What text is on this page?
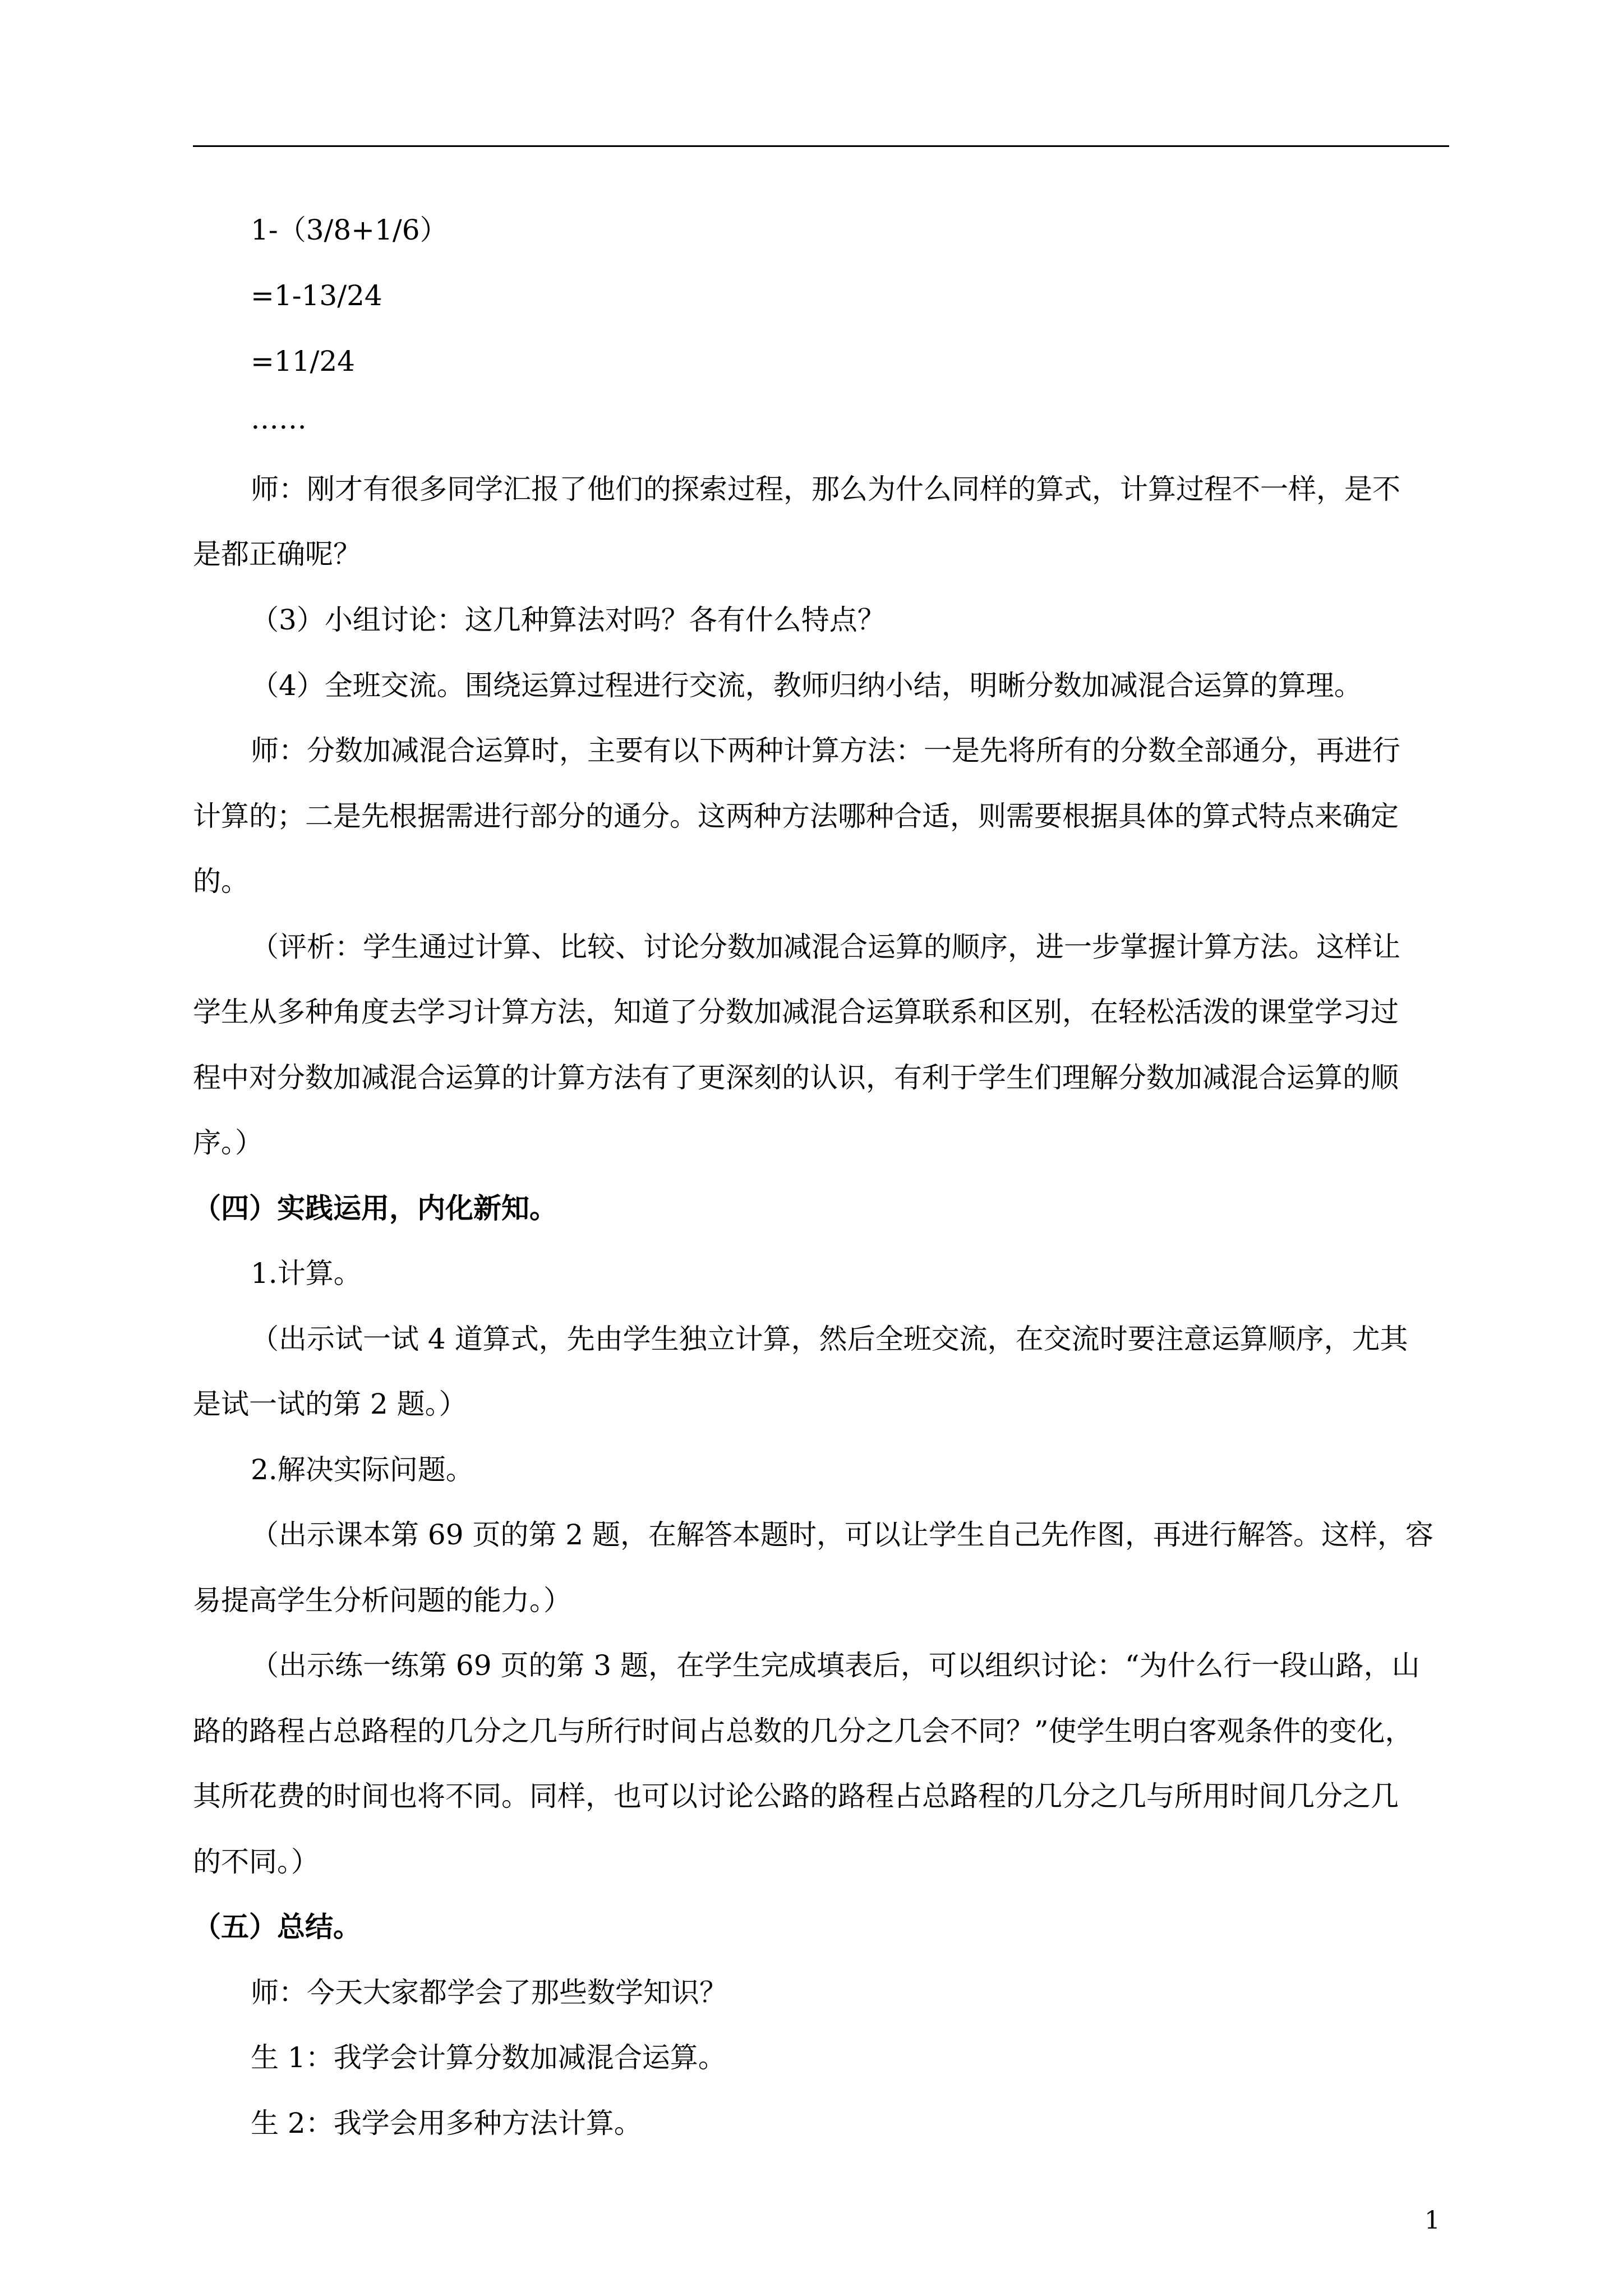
1-（3/8+1/6）

=1-13/24

=11/24

……

师：刚才有很多同学汇报了他们的探索过程，那么为什么同样的算式，计算过程不一样，是不

是都正确呢？

（3）小组讨论：这几种算法对吗？各有什么特点？

（4）全班交流。围绕运算过程进行交流，教师归纳小结，明晰分数加减混合运算的算理。

师：分数加减混合运算时，主要有以下两种计算方法：一是先将所有的分数全部通分，再进行

计算的；二是先根据需进行部分的通分。这两种方法哪种合适，则需要根据具体的算式特点来确定

的。

（评析：学生通过计算、比较、讨论分数加减混合运算的顺序，进一步掌握计算方法。这样让

学生从多种角度去学习计算方法，知道了分数加减混合运算联系和区别，在轻松活泼的课堂学习过

程中对分数加减混合运算的计算方法有了更深刻的认识，有利于学生们理解分数加减混合运算的顺

序。）

（四）实践运用，内化新知。

1.计算。

（出示试一试 4 道算式，先由学生独立计算，然后全班交流，在交流时要注意运算顺序，尤其

是试一试的第 2 题。）

2.解决实际问题。

（出示课本第 69 页的第 2 题，在解答本题时，可以让学生自己先作图，再进行解答。这样，容

易提高学生分析问题的能力。）

（出示练一练第 69 页的第 3 题，在学生完成填表后，可以组织讨论：“为什么行一段山路，山

路的路程占总路程的几分之几与所行时间占总数的几分之几会不同？”使学生明白客观条件的变化，

其所花费的时间也将不同。同样，也可以讨论公路的路程占总路程的几分之几与所用时间几分之几

的不同。）

（五）总结。

师：今天大家都学会了那些数学知识？

生 1：我学会计算分数加减混合运算。

生 2：我学会用多种方法计算。

1
